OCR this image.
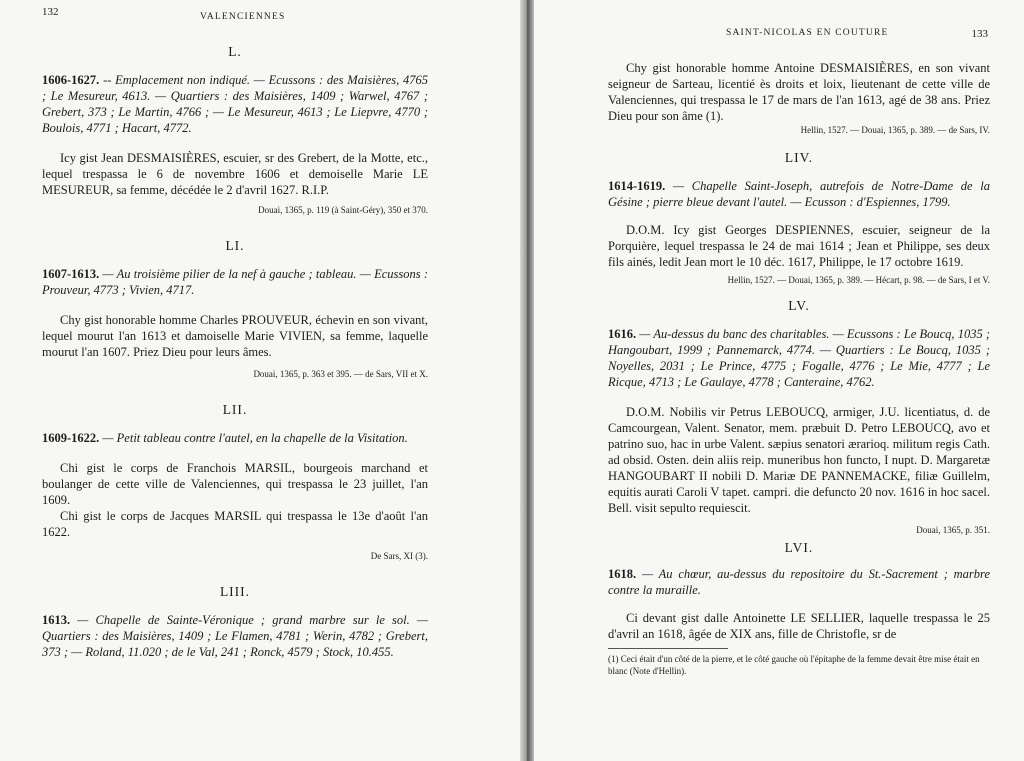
132	VALENCIENNES

L.

1606-1627. -- Emplacement non indiqué. — Ecussons : des Maisières, 4765 ; Le Mesureur, 4613. — Quartiers : des Maisières, 1409 ; Warwel, 4767 ; Grebert, 373 ; Le Martin, 4766 ; — Le Mesureur, 4613 ; Le Liepvre, 4770 ; Boulois, 4771 ; Hacart, 4772.

Icy gist Jean DESMAISIÈRES, escuier, sr des Grebert, de la Motte, etc., lequel trespassa le 6 de novembre 1606 et demoiselle Marie LE MESUREUR, sa femme, décédée le 2 d'avril 1627. R.I.P.

Douai, 1365, p. 119 (à Saint-Géry), 350 et 370.

LI.

1607-1613. — Au troisième pilier de la nef à gauche ; tableau. — Ecussons : Prouveur, 4773 ; Vivien, 4717.

Chy gist honorable homme Charles PROUVEUR, échevin en son vivant, lequel mourut l'an 1613 et damoiselle Marie VIVIEN, sa femme, laquelle mourut l'an 1607. Priez Dieu pour leurs âmes.

Douai, 1365, p. 363 et 395. — de Sars, VII et X.

LII.

1609-1622. — Petit tableau contre l'autel, en la chapelle de la Visitation.

Chi gist le corps de Franchois MARSIL, bourgeois marchand et boulanger de cette ville de Valenciennes, qui trespassa le 23 juillet, l'an 1609.

Chi gist le corps de Jacques MARSIL qui trespassa le 13e d'août l'an 1622.

De Sars, XI (3).

LIII.

1613. — Chapelle de Sainte-Véronique ; grand marbre sur le sol. — Quartiers : des Maisières, 1409 ; Le Flamen, 4781 ; Werin, 4782 ; Grebert, 373 ; — Roland, 11.020 ; de le Val, 241 ; Ronck, 4579 ; Stock, 10.455.

SAINT-NICOLAS EN COUTURE	133

Chy gist honorable homme Antoine DESMAISIÈRES, en son vivant seigneur de Sarteau, licentié ès droits et loix, lieutenant de cette ville de Valenciennes, qui trespassa le 17 de mars de l'an 1613, agé de 38 ans. Priez Dieu pour son âme (1).

Hellin, 1527. — Douai, 1365, p. 389. — de Sars, IV.

LIV.

1614-1619. — Chapelle Saint-Joseph, autrefois de Notre-Dame de la Gésine ; pierre bleue devant l'autel. — Ecusson : d'Espiennes, 1799.

D.O.M. Icy gist Georges DESPIENNES, escuier, seigneur de la Porquière, lequel trespassa le 24 de mai 1614 ; Jean et Philippe, ses deux fils ainés, ledit Jean mort le 10 déc. 1617, Philippe, le 17 octobre 1619.

Hellin, 1527. — Douai, 1365, p. 389. — Hécart, p. 98. — de Sars, I et V.

LV.

1616. — Au-dessus du banc des charitables. — Ecussons : Le Boucq, 1035 ; Hangoubart, 1999 ; Pannemarck, 4774. — Quartiers : Le Boucq, 1035 ; Noyelles, 2031 ; Le Prince, 4775 ; Fogalle, 4776 ; Le Mie, 4777 ; Le Ricque, 4713 ; Le Gaulaye, 4778 ; Canteraine, 4762.

D.O.M. Nobilis vir Petrus LEBOUCQ, armiger, J.U. licentiatus, d. de Camcourgean, Valent. Senator, mem. præbuit D. Petro LEBOUCQ, avo et patrino suo, hac in urbe Valent. sæpius senatori ærarioq. militum regis Cath. ad obsid. Osten. dein aliis reip. muneribus hon functo, I nupt. D. Margaretæ HANGOUBART II nobili D. Mariæ DE PANNEMACKE, filiæ Guillelm, equitis aurati Caroli V tapet. campri. die defuncto 20 nov. 1616 in hoc sacel. Bell. visit sepulto requiescit.

Douai, 1365, p. 351.

LVI.

1618. — Au chœur, au-dessus du repositoire du St.-Sacrement ; marbre contre la muraille.

Ci devant gist dalle Antoinette LE SELLIER, laquelle trespassa le 25 d'avril an 1618, âgée de XIX ans, fille de Christofle, sr de

(1) Ceci était d'un côté de la pierre, et le côté gauche où l'épitaphe de la femme devait être mise était en blanc (Note d'Hellin).
